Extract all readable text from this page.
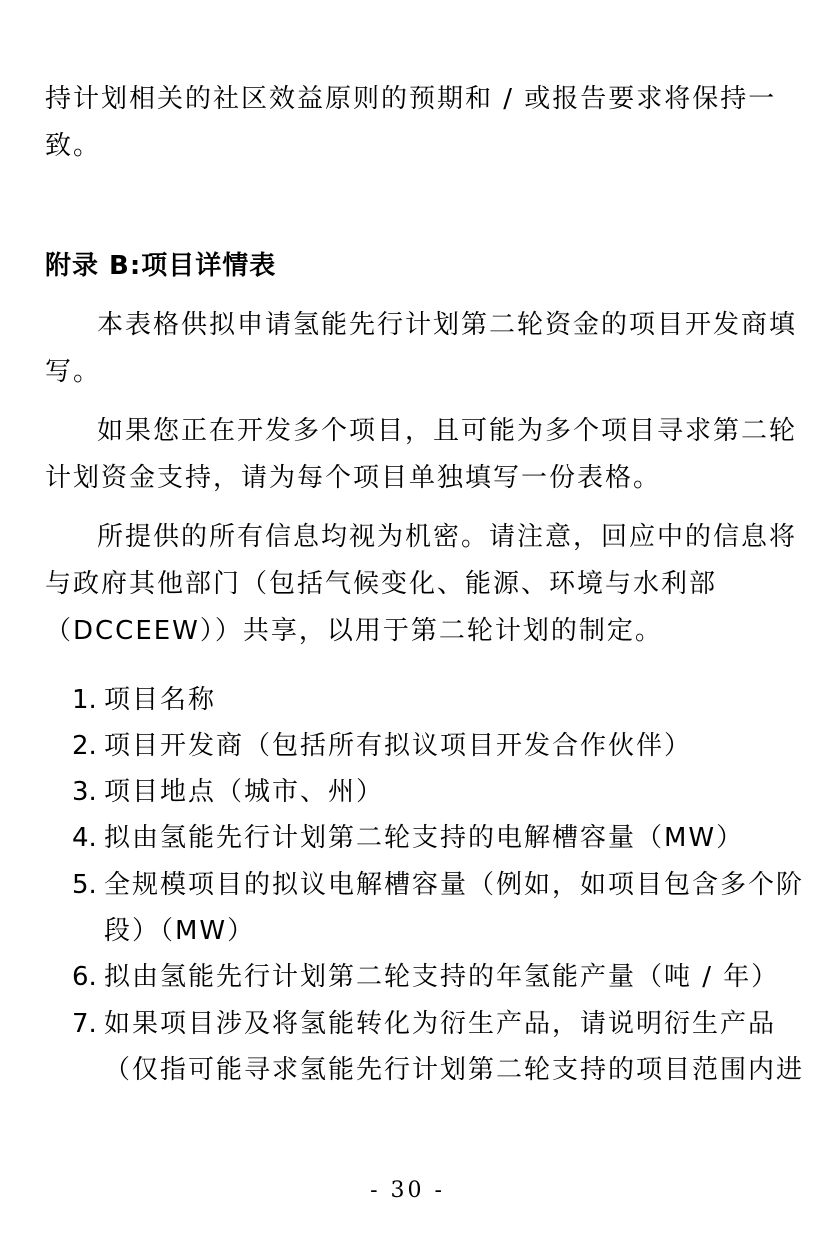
持计划相关的社区效益原则的预期和 / 或报告要求将保持一
致。
附录 B:项目详情表
本表格供拟申请氢能先行计划第二轮资金的项目开发商填
写。
如果您正在开发多个项目，且可能为多个项目寻求第二轮
计划资金支持，请为每个项目单独填写一份表格。
所提供的所有信息均视为机密。请注意，回应中的信息将
与政府其他部门（包括气候变化、能源、环境与水利部
（DCCEEW））共享，以用于第二轮计划的制定。
1. 项目名称
2. 项目开发商（包括所有拟议项目开发合作伙伴）
3. 项目地点（城市、州）
4. 拟由氢能先行计划第二轮支持的电解槽容量（MW）
5. 全规模项目的拟议电解槽容量（例如，如项目包含多个阶
段）（MW）
6. 拟由氢能先行计划第二轮支持的年氢能产量（吨 / 年）
7. 如果项目涉及将氢能转化为衍生产品，请说明衍生产品
（仅指可能寻求氢能先行计划第二轮支持的项目范围内进
- 30 -
